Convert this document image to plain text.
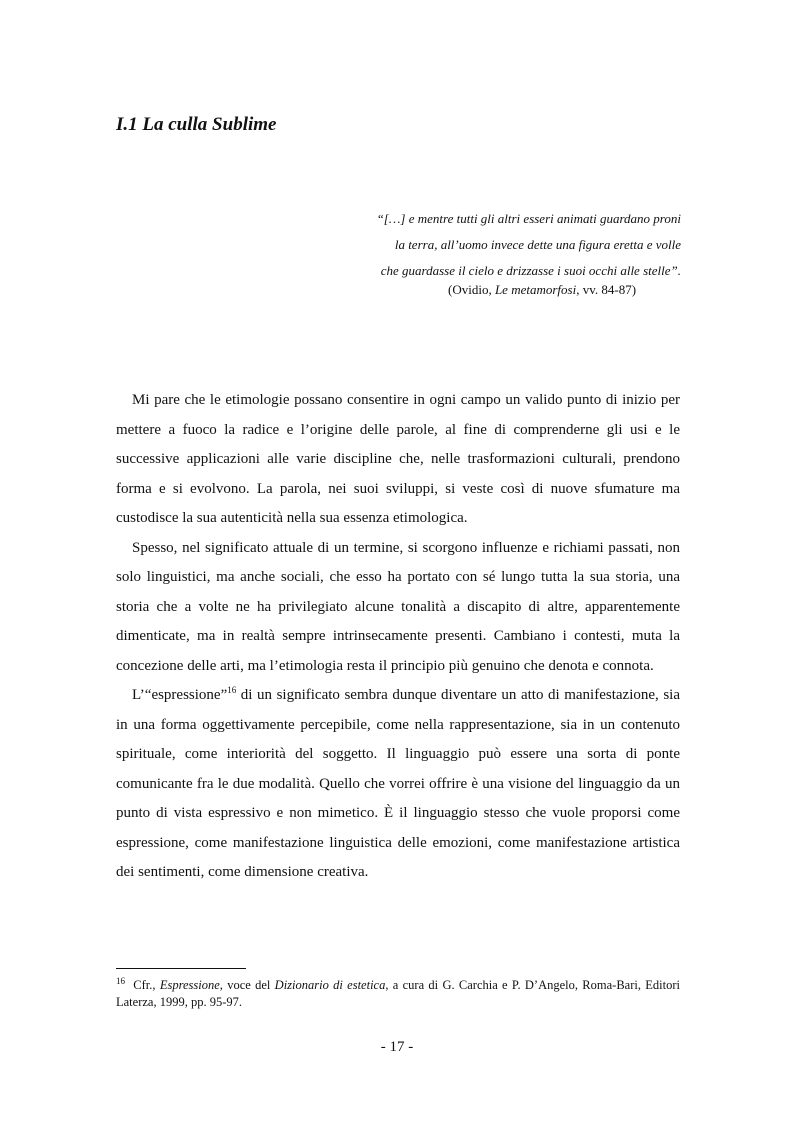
I.1 La culla Sublime
“[…] e mentre tutti gli altri esseri animati guardano proni
la terra, all’uomo invece dette una figura eretta e volle
che guardasse il cielo e drizzasse i suoi occhi alle stelle”.
(Ovidio, Le metamorfosi, vv. 84-87)

Mi pare che le etimologie possano consentire in ogni campo un valido punto di inizio per mettere a fuoco la radice e l’origine delle parole, al fine di comprenderne gli usi e le successive applicazioni alle varie discipline che, nelle trasformazioni culturali, prendono forma e si evolvono. La parola, nei suoi sviluppi, si veste così di nuove sfumature ma custodisce la sua autenticità nella sua essenza etimologica.

Spesso, nel significato attuale di un termine, si scorgono influenze e richiami passati, non solo linguistici, ma anche sociali, che esso ha portato con sé lungo tutta la sua storia, una storia che a volte ne ha privilegiato alcune tonalità a discapito di altre, apparentemente dimenticate, ma in realtà sempre intrinsecamente presenti. Cambiano i contesti, muta la concezione delle arti, ma l’etimologia resta il principio più genuino che denota e connota.

L’“espressione”$^{16}$ di un significato sembra dunque diventare un atto di manifestazione, sia in una forma oggettivamente percepibile, come nella rappresentazione, sia in un contenuto spirituale, come interiorità del soggetto. Il linguaggio può essere una sorta di ponte comunicante fra le due modalità. Quello che vorrei offrire è una visione del linguaggio da un punto di vista espressivo e non mimetico. È il linguaggio stesso che vuole proporsi come espressione, come manifestazione linguistica delle emozioni, come manifestazione artistica dei sentimenti, come dimensione creativa.

$^{16}$ Cfr., Espressione, voce del Dizionario di estetica, a cura di G. Carchia e P. D’Angelo, Roma-Bari, Editori Laterza, 1999, pp. 95-97.
- 17 -
